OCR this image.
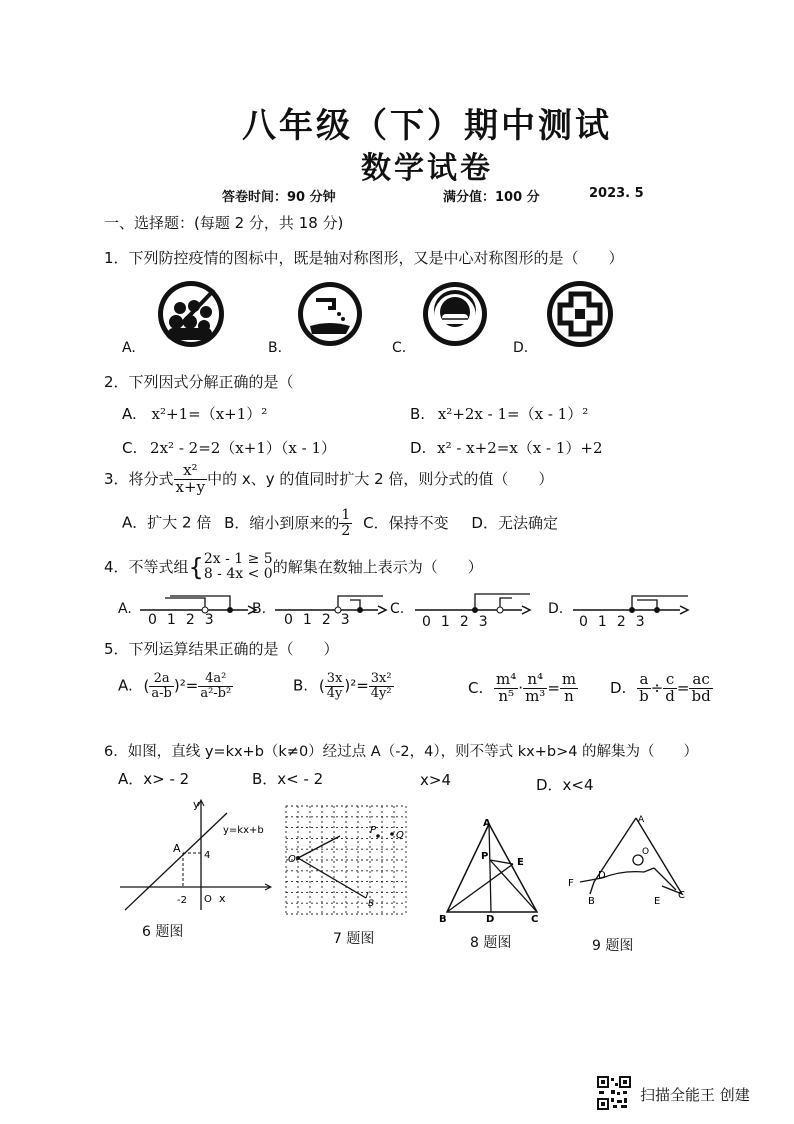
八年级（下）期中测试
数学试卷
答卷时间：90 分钟	满分值：100 分	2023. 5
一、选择题：(每题 2 分，共 18 分)
1．下列防控疫情的图标中，既是轴对称图形，又是中心对称图形的是（　　）
A.	B.	C.	D.
2．下列因式分解正确的是（
A. x²+1=（x+1）²	B. x²+2x - 1=（x - 1）²
C. 2x² - 2=2（x+1）（x - 1）	D. x² - x+2=x（x - 1）+2
3．将分式 $\frac{\text{x²}}{x+y}$ 中的 x、y 的值同时扩大 2 倍，则分式的值（　　）
A．扩大 2 倍 B．缩小到原来的 $\frac{1}{2}$ C．保持不变 D．无法确定
4．不等式组{ 2x - 1 ≥ 5
8 - 4x < 0 的解集在数轴上表示为（　　）
A.	B.	C.	D.
0123	0123	0123	0123
5．下列运算结果正确的是（　　）
A. ( $\frac{2a}{a-b} )^2= \frac{\text{4a²}}{\text{a²-b²}}$	B. ( $\frac{3x}{4y} )^2= \frac{\text{3x²}}{\text{4y²}}$	C. $\frac{\text{m⁴}}{\text{n⁵}} \cdot \frac{\text{n⁴}}{\text{m³}} = \frac{m}{n} D$. $\frac{a}{b} \div \frac{c}{d} = \frac{ac}{bd}$
6．如图，直线 y=kx+b（k≠0）经过点 A（-2，4），则不等式 kx+b>4 的解集为（　　）
A．x> - 2	B．x< - 2	x>4	D．x<4
y
y=kx+b
A
4
-2 O x
6 题图
O
P Q
B
7 题图
A
P
E
B	D	C
8 题图
A
O
D
F
B	E
C
9 题图
扫描全能王 创建
